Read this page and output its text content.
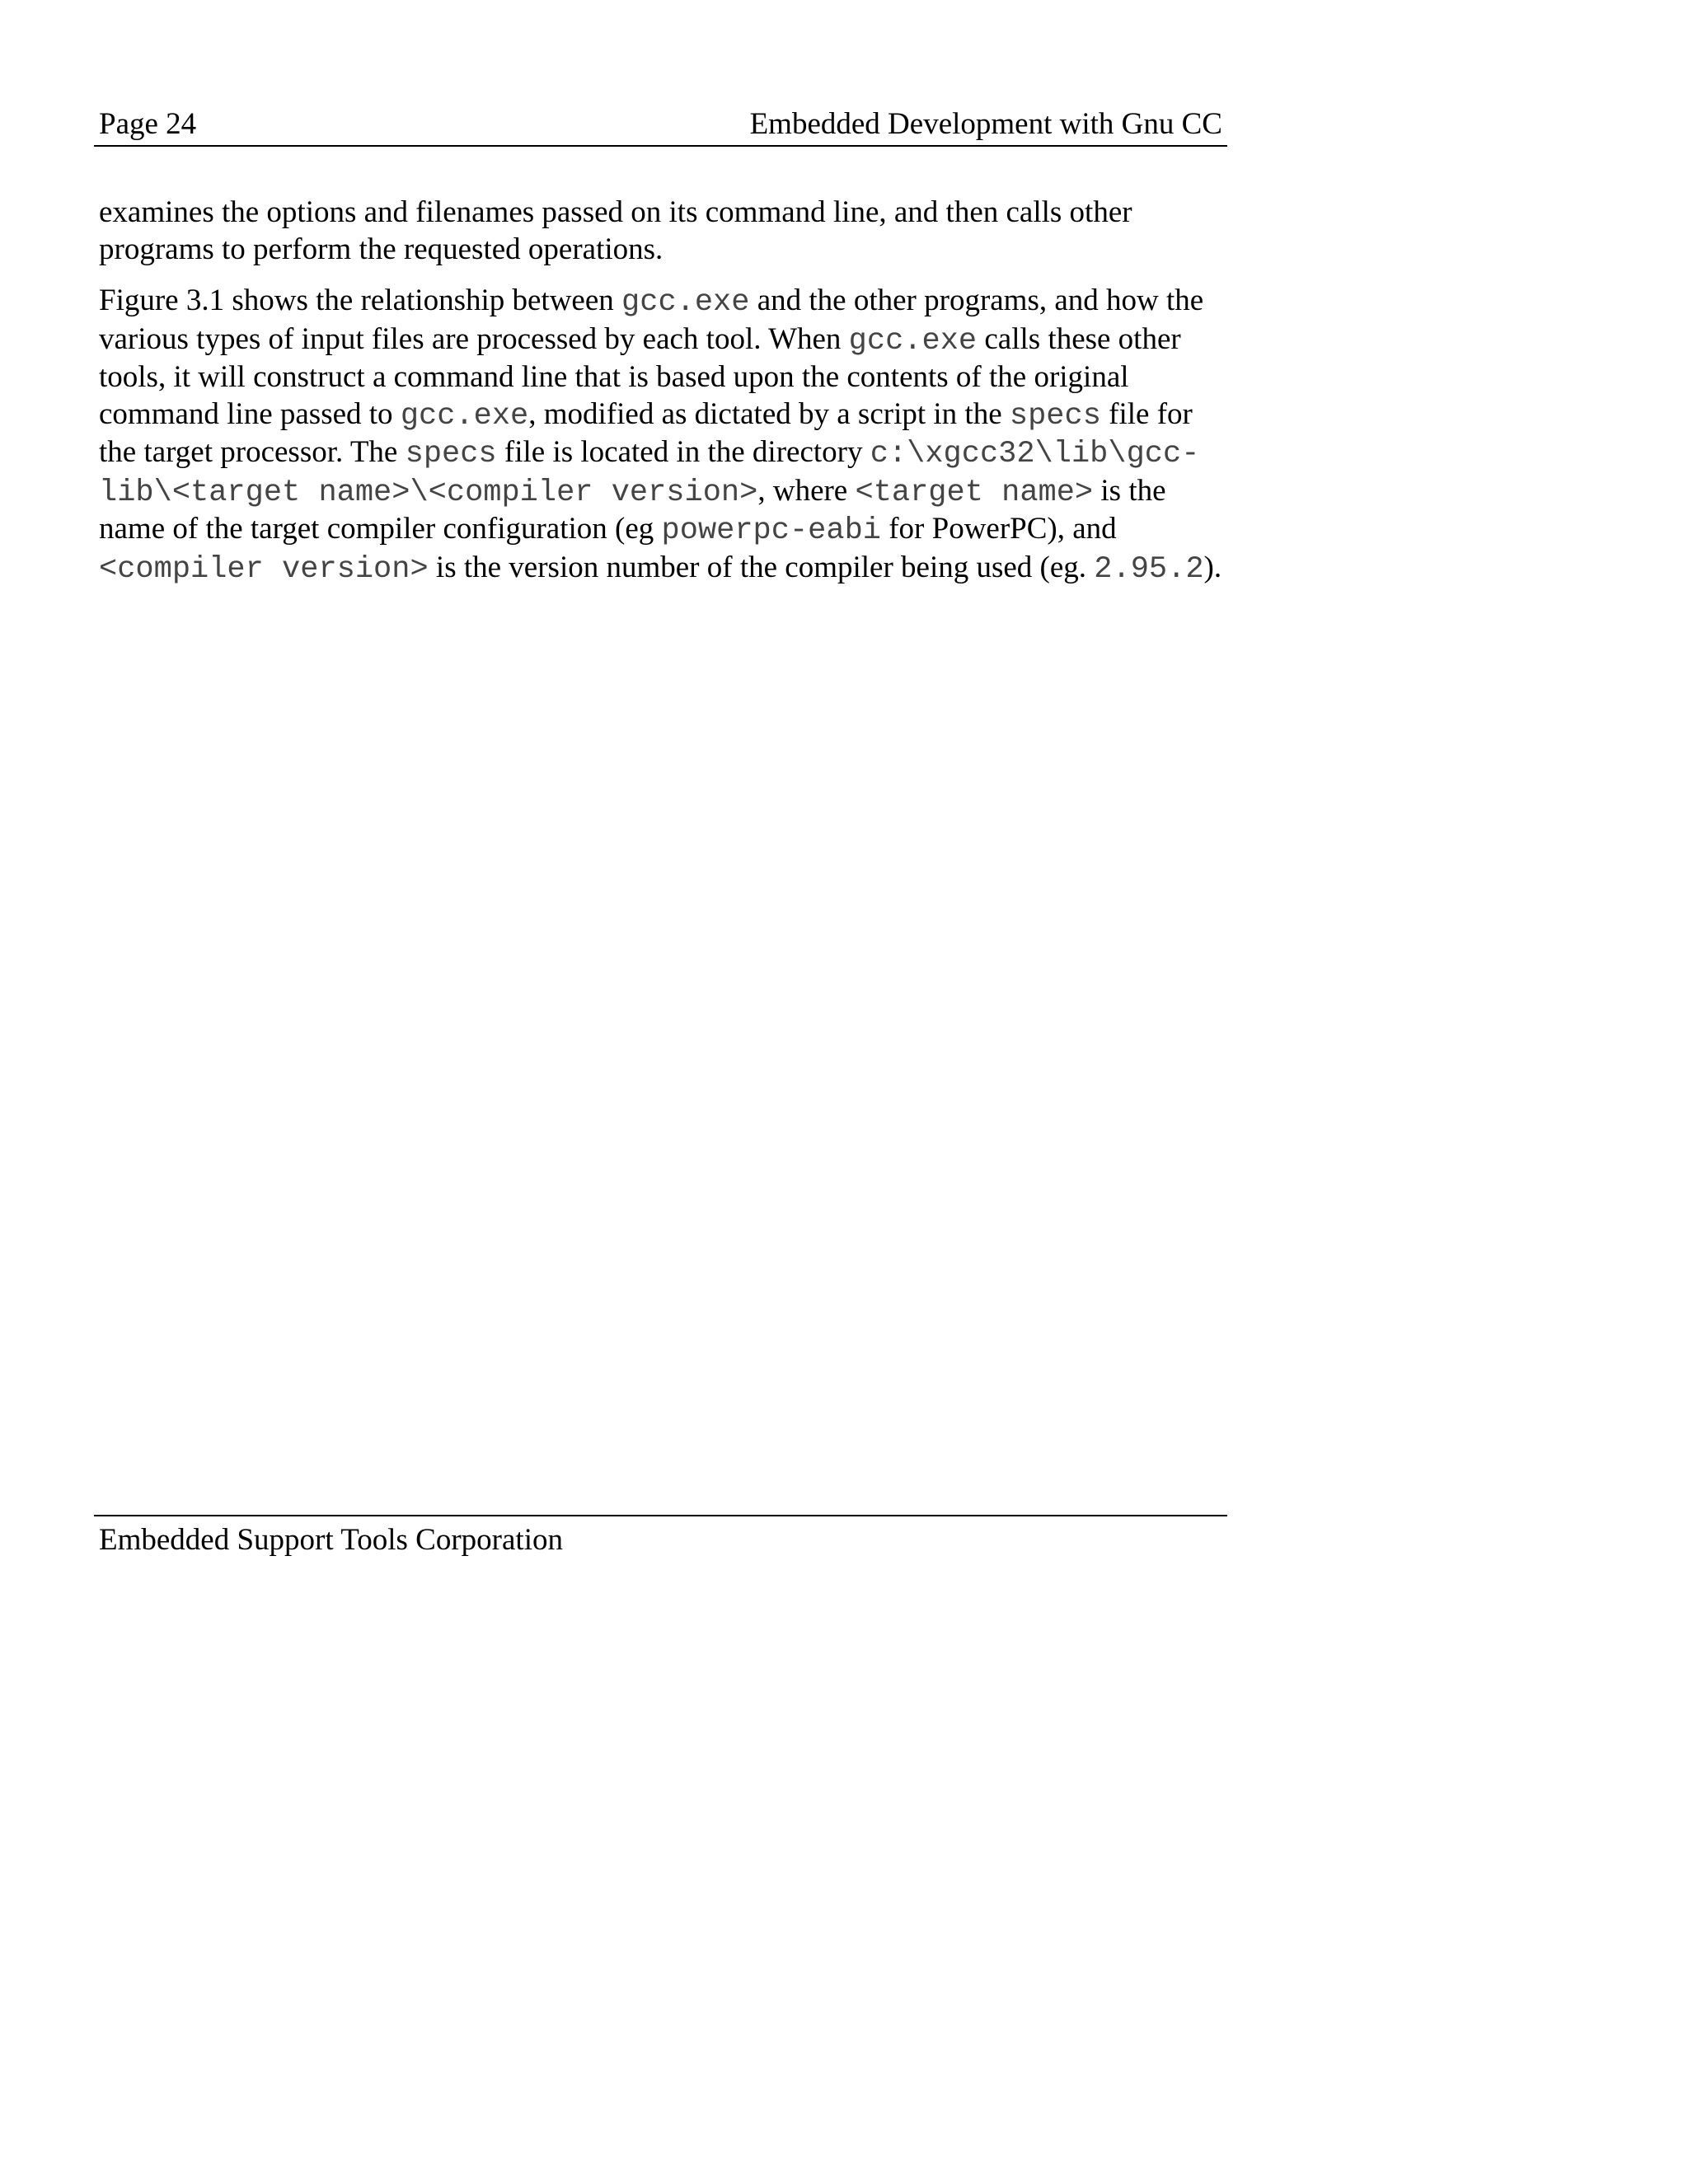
Page 24	Embedded Development with Gnu CC

examines the options and filenames passed on its command line, and then calls other programs to perform the requested operations.

Figure 3.1 shows the relationship between gcc.exe and the other programs, and how the various types of input files are processed by each tool. When gcc.exe calls these other tools, it will construct a command line that is based upon the contents of the original command line passed to gcc.exe, modified as dictated by a script in the specs file for the target processor. The specs file is located in the directory c:\xgcc32\lib\gcc-lib\<target name>\<compiler version>, where <target name> is the name of the target compiler configuration (eg powerpc-eabi for PowerPC), and <compiler version> is the version number of the compiler being used (eg. 2.95.2).

Embedded Support Tools Corporation
